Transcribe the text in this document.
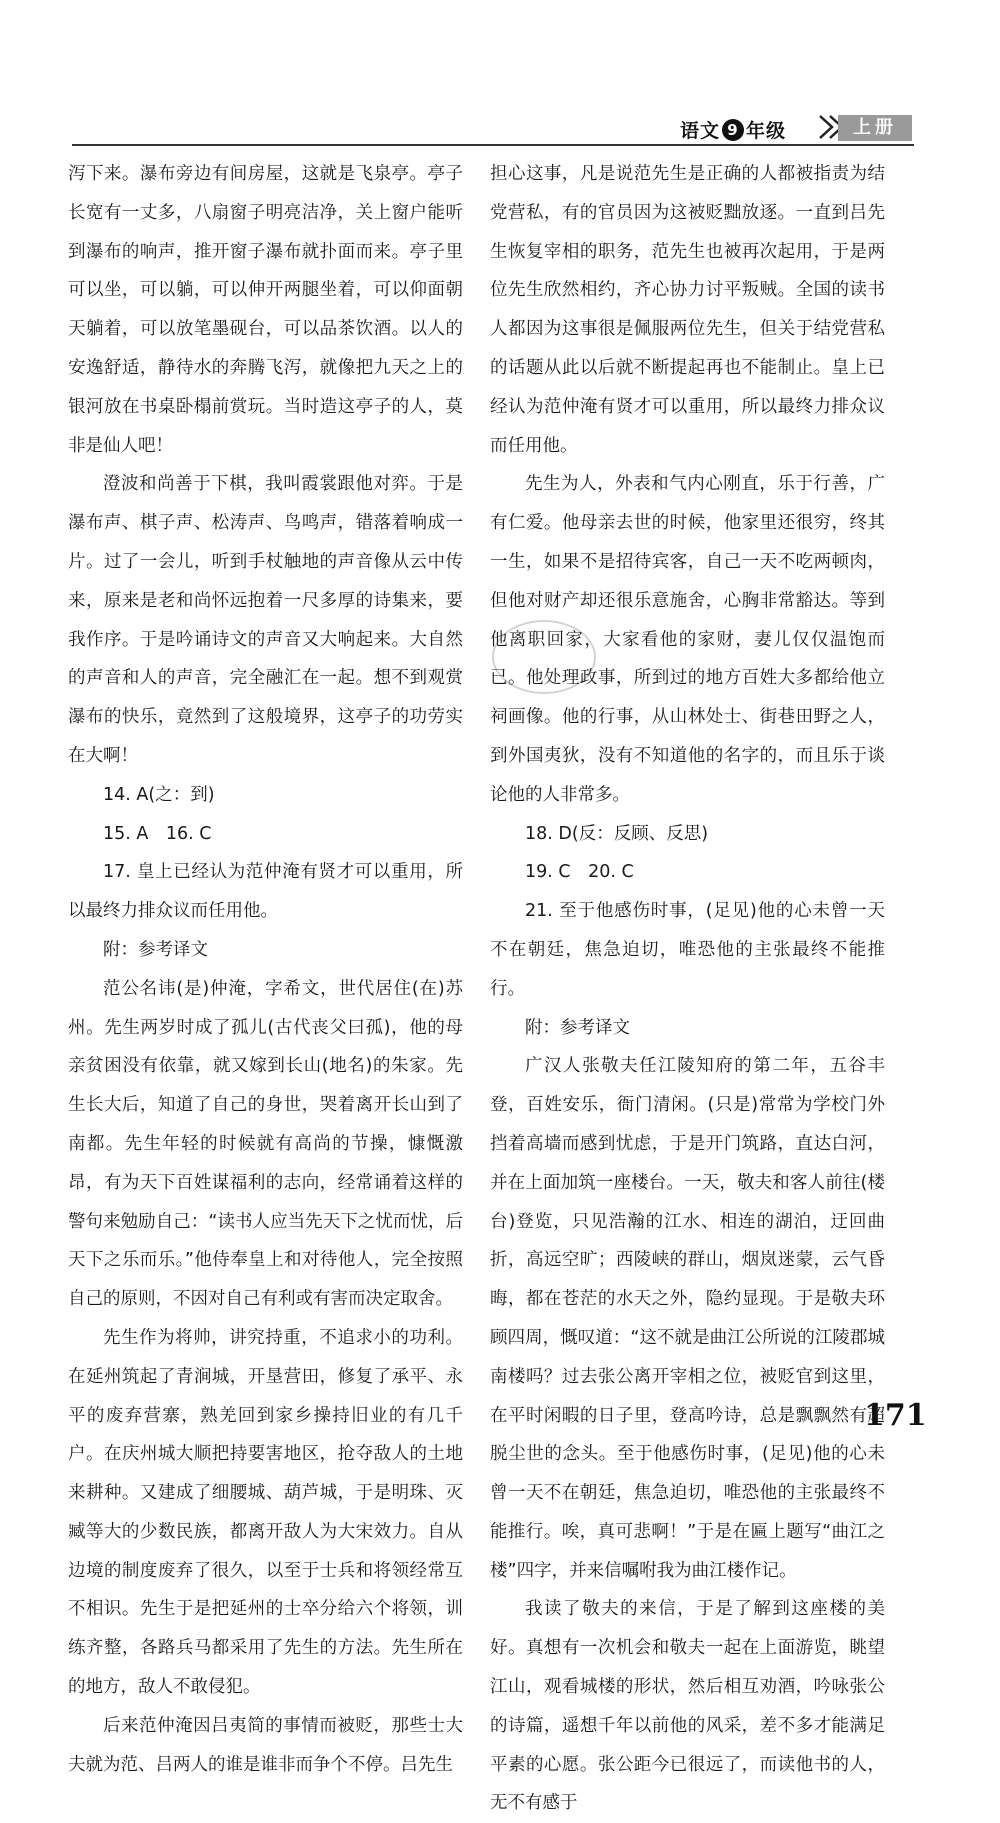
语文 9 年级	上册

泻下来。瀑布旁边有间房屋，这就是飞泉亭。亭子长宽有一丈多，八扇窗子明亮洁净，关上窗户能听到瀑布的响声，推开窗子瀑布就扑面而来。亭子里可以坐，可以躺，可以伸开两腿坐着，可以仰面朝天躺着，可以放笔墨砚台，可以品茶饮酒。以人的安逸舒适，静待水的奔腾飞泻，就像把九天之上的银河放在书桌卧榻前赏玩。当时造这亭子的人，莫非是仙人吧！

澄波和尚善于下棋，我叫霞裳跟他对弈。于是瀑布声、棋子声、松涛声、鸟鸣声，错落着响成一片。过了一会儿，听到手杖触地的声音像从云中传来，原来是老和尚怀远抱着一尺多厚的诗集来，要我作序。于是吟诵诗文的声音又大响起来。大自然的声音和人的声音，完全融汇在一起。想不到观赏瀑布的快乐，竟然到了这般境界，这亭子的功劳实在大啊！

14. A(之：到)

15. A　16. C

17. 皇上已经认为范仲淹有贤才可以重用，所以最终力排众议而任用他。

附：参考译文

范公名讳(是)仲淹，字希文，世代居住(在)苏州。先生两岁时成了孤儿(古代丧父曰孤)，他的母亲贫困没有依靠，就又嫁到长山(地名)的朱家。先生长大后，知道了自己的身世，哭着离开长山到了南都。先生年轻的时候就有高尚的节操，慷慨激昂，有为天下百姓谋福利的志向，经常诵着这样的警句来勉励自己：“读书人应当先天下之忧而忧，后天下之乐而乐。”他侍奉皇上和对待他人，完全按照自己的原则，不因对自己有利或有害而决定取舍。

先生作为将帅，讲究持重，不追求小的功利。在延州筑起了青涧城，开垦营田，修复了承平、永平的废弃营寨，熟羌回到家乡操持旧业的有几千户。在庆州城大顺把持要害地区，抢夺敌人的土地来耕种。又建成了细腰城、葫芦城，于是明珠、灭臧等大的少数民族，都离开敌人为大宋效力。自从边境的制度废弃了很久，以至于士兵和将领经常互不相识。先生于是把延州的士卒分给六个将领，训练齐整，各路兵马都采用了先生的方法。先生所在的地方，敌人不敢侵犯。

后来范仲淹因吕夷简的事情而被贬，那些士大夫就为范、吕两人的谁是谁非而争个不停。吕先生

担心这事，凡是说范先生是正确的人都被指责为结党营私，有的官员因为这被贬黜放逐。一直到吕先生恢复宰相的职务，范先生也被再次起用，于是两位先生欣然相约，齐心协力讨平叛贼。全国的读书人都因为这事很是佩服两位先生，但关于结党营私的话题从此以后就不断提起再也不能制止。皇上已经认为范仲淹有贤才可以重用，所以最终力排众议而任用他。

先生为人，外表和气内心刚直，乐于行善，广有仁爱。他母亲去世的时候，他家里还很穷，终其一生，如果不是招待宾客，自己一天不吃两顿肉，但他对财产却还很乐意施舍，心胸非常豁达。等到他离职回家，大家看他的家财，妻儿仅仅温饱而已。他处理政事，所到过的地方百姓大多都给他立祠画像。他的行事，从山林处士、街巷田野之人，到外国夷狄，没有不知道他的名字的，而且乐于谈论他的人非常多。

18. D(反：反顾、反思)

19. C　20. C

21. 至于他感伤时事，(足见)他的心未曾一天不在朝廷，焦急迫切，唯恐他的主张最终不能推行。

附：参考译文

广汉人张敬夫任江陵知府的第二年，五谷丰登，百姓安乐，衙门清闲。(只是)常常为学校门外挡着高墙而感到忧虑，于是开门筑路，直达白河，并在上面加筑一座楼台。一天，敬夫和客人前往(楼台)登览，只见浩瀚的江水、相连的湖泊，迂回曲折，高远空旷；西陵峡的群山，烟岚迷蒙，云气昏晦，都在苍茫的水天之外，隐约显现。于是敬夫环顾四周，慨叹道：“这不就是曲江公所说的江陵郡城南楼吗？过去张公离开宰相之位，被贬官到这里，在平时闲暇的日子里，登高吟诗，总是飘飘然有超脱尘世的念头。至于他感伤时事，(足见)他的心未曾一天不在朝廷，焦急迫切，唯恐他的主张最终不能推行。唉，真可悲啊！”于是在匾上题写“曲江之楼”四字，并来信嘱咐我为曲江楼作记。

我读了敬夫的来信，于是了解到这座楼的美好。真想有一次机会和敬夫一起在上面游览，眺望江山，观看城楼的形状，然后相互劝酒，吟咏张公的诗篇，遥想千年以前他的风采，差不多才能满足平素的心愿。张公距今已很远了，而读他书的人，无不有感于

171
